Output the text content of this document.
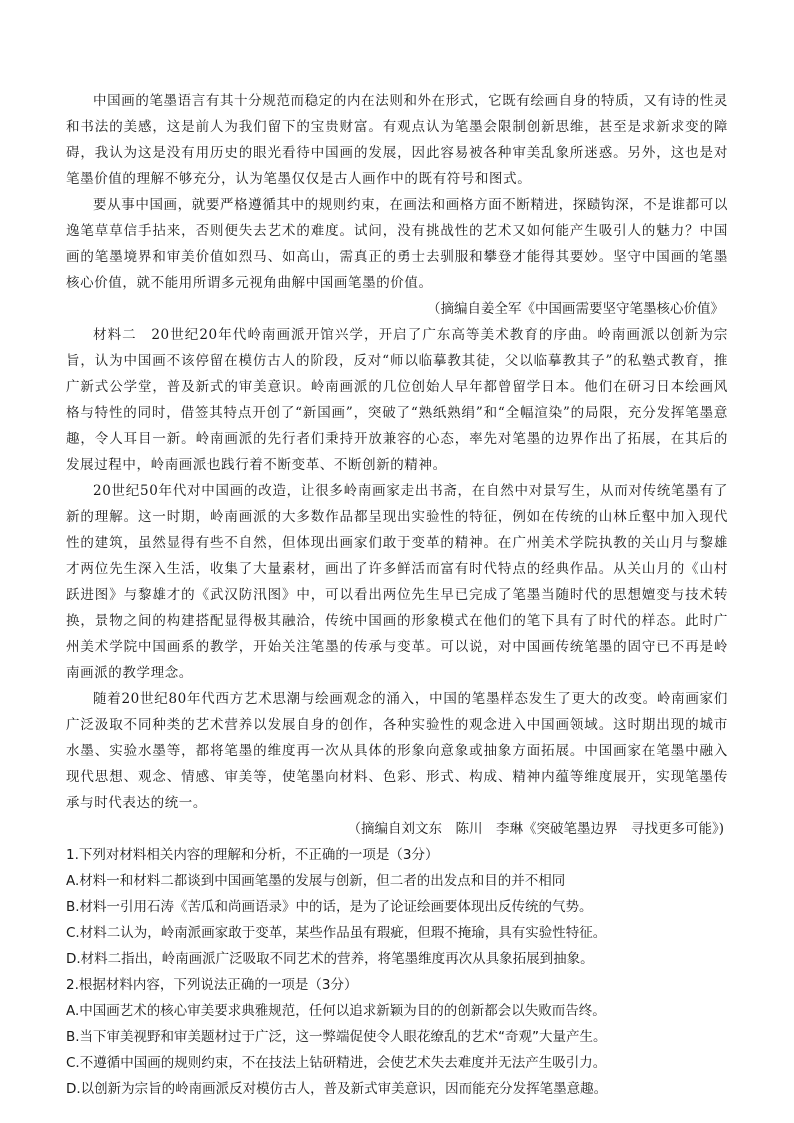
中国画的笔墨语言有其十分规范而稳定的内在法则和外在形式，它既有绘画自身的特质，又有诗的性灵和书法的美感，这是前人为我们留下的宝贵财富。有观点认为笔墨会限制创新思维，甚至是求新求变的障碍，我认为这是没有用历史的眼光看待中国画的发展，因此容易被各种审美乱象所迷惑。另外，这也是对笔墨价值的理解不够充分，认为笔墨仅仅是古人画作中的既有符号和图式。

要从事中国画，就要严格遵循其中的规则约束，在画法和画格方面不断精进，探赜钩深，不是谁都可以逸笔草草信手拈来，否则便失去艺术的难度。试问，没有挑战性的艺术又如何能产生吸引人的魅力？中国画的笔墨境界和审美价值如烈马、如高山，需真正的勇士去驯服和攀登才能得其要妙。坚守中国画的笔墨核心价值，就不能用所谓多元视角曲解中国画笔墨的价值。

（摘编自姜全军《中国画需要坚守笔墨核心价值》

材料二　 20世纪20年代岭南画派开馆兴学，开启了广东高等美术教育的序曲。岭南画派以创新为宗旨，认为中国画不该停留在模仿古人的阶段，反对“师以临摹教其徒，父以临摹教其子”的私塾式教育，推广新式公学堂，普及新式的审美意识。岭南画派的几位创始人早年都曾留学日本。他们在研习日本绘画风格与特性的同时，借签其特点开创了“新国画”，突破了“熟纸熟绢”和“全幅渲染”的局限，充分发挥笔墨意趣，令人耳目一新。岭南画派的先行者们秉持开放兼容的心态，率先对笔墨的边界作出了拓展，在其后的发展过程中，岭南画派也践行着不断变革、不断创新的精神。

20世纪50年代对中国画的改造，让很多岭南画家走出书斋，在自然中对景写生，从而对传统笔墨有了新的理解。这一时期，岭南画派的大多数作品都呈现出实验性的特征，例如在传统的山林丘壑中加入现代性的建筑，虽然显得有些不自然，但体现出画家们敢于变革的精神。在广州美术学院执教的关山月与黎雄才两位先生深入生活，收集了大量素材，画出了许多鲜活而富有时代特点的经典作品。从关山月的《山村跃进图》与黎雄才的《武汉防汛图》中，可以看出两位先生早已完成了笔墨当随时代的思想嬗变与技术转换，景物之间的构建搭配显得极其融洽，传统中国画的形象模式在他们的笔下具有了时代的样态。此时广州美术学院中国画系的教学，开始关注笔墨的传承与变革。可以说，对中国画传统笔墨的固守已不再是岭南画派的教学理念。

随着20世纪80年代西方艺术思潮与绘画观念的涌入，中国的笔墨样态发生了更大的改变。岭南画家们广泛汲取不同种类的艺术营养以发展自身的创作，各种实验性的观念进入中国画领域。这时期出现的城市水墨、实验水墨等，都将笔墨的维度再一次从具体的形象向意象或抽象方面拓展。中国画家在笔墨中融入现代思想、观念、情感、审美等，使笔墨向材料、色彩、形式、构成、精神内蕴等维度展开，实现笔墨传承与时代表达的统一。

（摘编自刘文东　陈川　李琳《突破笔墨边界　寻找更多可能》)

1.下列对材料相关内容的理解和分析，不正确的一项是（3分）

A.材料一和材料二都谈到中国画笔墨的发展与创新，但二者的出发点和目的并不相同

B.材料一引用石涛《苦瓜和尚画语录》中的话，是为了论证绘画要体现出反传统的气势。

C.材料二认为，岭南派画家敢于变革，某些作品虽有瑕疵，但瑕不掩瑜，具有实验性特征。

D.材料二指出，岭南画派广泛吸取不同艺术的营养，将笔墨维度再次从具象拓展到抽象。

2.根据材料内容，下列说法正确的一项是（3分）

A.中国画艺术的核心审美要求典雅规范，任何以追求新颖为目的的创新都会以失败而告终。

B.当下审美视野和审美题材过于广泛，这一弊端促使令人眼花缭乱的艺术“奇观”大量产生。

C.不遵循中国画的规则约束，不在技法上钻研精进，会使艺术失去难度并无法产生吸引力。

D.以创新为宗旨的岭南画派反对模仿古人，普及新式审美意识，因而能充分发挥笔墨意趣。
